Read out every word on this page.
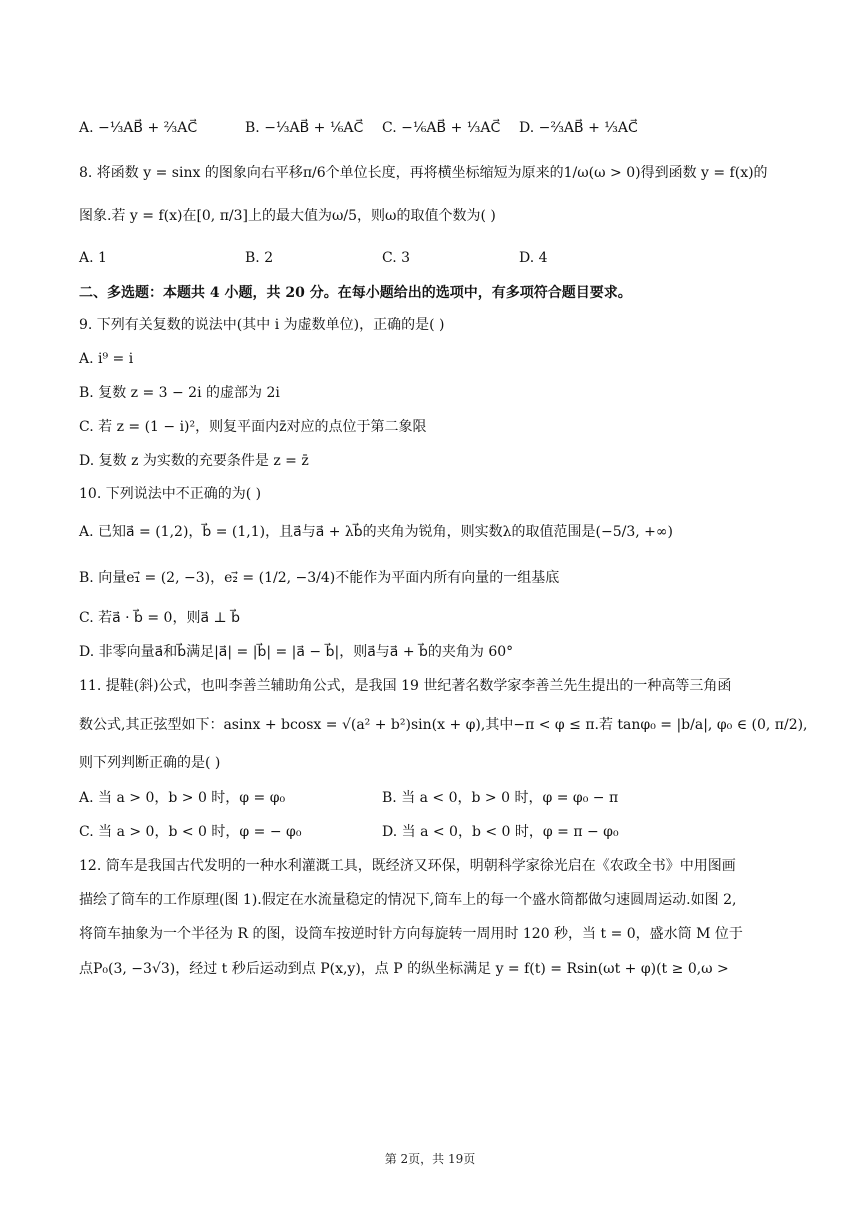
A. −⅓AB⃗ + ⅔AC⃗	B. −⅓AB⃗ + ⅙AC⃗ C. −⅙AB⃗ + ⅓AC⃗ D. −⅔AB⃗ + ⅓AC⃗
8. 将函数 y = sinx 的图象向右平移π/6个单位长度，再将横坐标缩短为原来的1/ω(ω > 0)得到函数 y = f(x)的
图象.若 y = f(x)在[0, π/3]上的最大值为ω/5，则ω的取值个数为( )
A. 1	B. 2	C. 3	D. 4
二、多选题：本题共 4 小题，共 20 分。在每小题给出的选项中，有多项符合题目要求。
9. 下列有关复数的说法中(其中 i 为虚数单位)，正确的是( )
A. i⁹ = i
B. 复数 z = 3 − 2i 的虚部为 2i
C. 若 z = (1 − i)²，则复平面内z̄对应的点位于第二象限
D. 复数 z 为实数的充要条件是 z = z̄
10. 下列说法中不正确的为( )
A. 已知a⃗ = (1,2)，b⃗ = (1,1)，且a⃗与a⃗ + λb⃗的夹角为锐角，则实数λ的取值范围是(−5/3, +∞)
B. 向量e₁⃗ = (2, −3)，e₂⃗ = (1/2, −3/4)不能作为平面内所有向量的一组基底
C. 若a⃗ · b⃗ = 0，则a⃗ ⊥ b⃗
D. 非零向量a⃗和b⃗满足|a⃗| = |b⃗| = |a⃗ − b⃗|，则a⃗与a⃗ + b⃗的夹角为 60°
11. 提鞋(斜)公式，也叫李善兰辅助角公式，是我国 19 世纪著名数学家李善兰先生提出的一种高等三角函
数公式,其正弦型如下：asinx + bcosx = √(a² + b²)sin(x + φ),其中−π < φ ≤ π.若 tanφ₀ = |b/a|, φ₀ ∈ (0, π/2),
则下列判断正确的是( )
A. 当 a > 0，b > 0 时，φ = φ₀	B. 当 a < 0，b > 0 时，φ = φ₀ − π
C. 当 a > 0，b < 0 时，φ = − φ₀	D. 当 a < 0，b < 0 时，φ = π − φ₀
12. 筒车是我国古代发明的一种水利灌溉工具，既经济又环保，明朝科学家徐光启在《农政全书》中用图画
描绘了筒车的工作原理(图 1).假定在水流量稳定的情况下,筒车上的每一个盛水筒都做匀速圆周运动.如图 2,
将筒车抽象为一个半径为 R 的图，设筒车按逆时针方向每旋转一周用时 120 秒，当 t = 0，盛水筒 M 位于
点P₀(3, −3√3)，经过 t 秒后运动到点 P(x,y)，点 P 的纵坐标满足 y = f(t) = Rsin(ωt + φ)(t ≥ 0,ω >
第 2页，共 19页
